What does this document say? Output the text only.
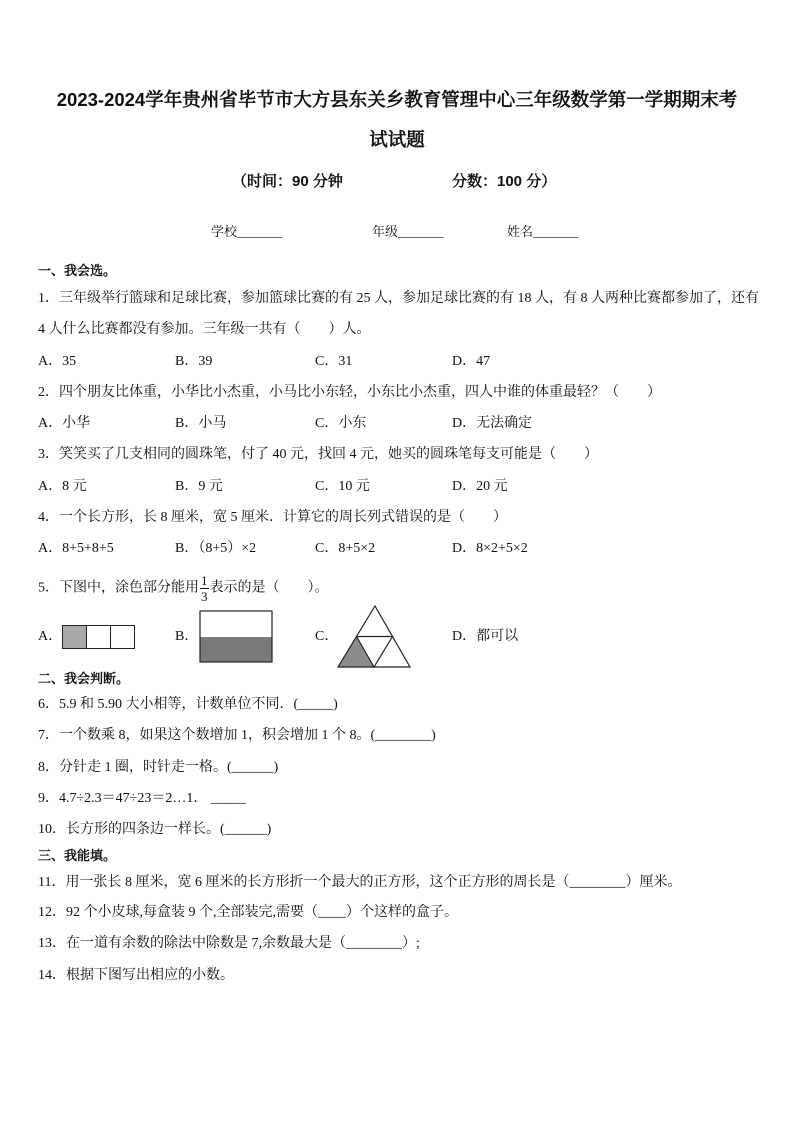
2023-2024学年贵州省毕节市大方县东关乡教育管理中心三年级数学第一学期期末考
试试题
（时间：90 分钟	分数：100 分）
学校_______	年级_______	姓名_______
一、我会选。
1．三年级举行篮球和足球比赛，参加篮球比赛的有 25 人，参加足球比赛的有 18 人，有 8 人两种比赛都参加了，还有
4 人什么比赛都没有参加。三年级一共有（　　）人。
A．35	B．39	C．31	D．47
2．四个朋友比体重，小华比小杰重，小马比小东轻，小东比小杰重，四人中谁的体重最轻？（　　）
A．小华	B．小马	C．小东	D．无法确定
3．笑笑买了几支相同的圆珠笔，付了 40 元，找回 4 元，她买的圆珠笔每支可能是（　　）
A．8 元	B．9 元	C．10 元	D．20 元
4．一个长方形，长 8 厘米，宽 5 厘米．计算它的周长列式错误的是（　　）
A．8+5+8+5	B．（8+5）×2	C．8+5×2	D．8×2+5×2
5．下图中，涂色部分能用 $\frac{1}{3}$ 表示的是（　　）。
A．	B．	C．	D．都可以
二、我会判断。
6．5.9 和 5.90 大小相等，计数单位不同．(_____)
7．一个数乘 8，如果这个数增加 1，积会增加 1 个 8。(________)
8．分针走 1 圈，时针走一格。(______)
9．4.7÷2.3＝47÷23＝2…1． _____
10．长方形的四条边一样长。(______)
三、我能填。
11．用一张长 8 厘米，宽 6 厘米的长方形折一个最大的正方形，这个正方形的周长是（________）厘米。
12．92 个小皮球,每盒装 9 个,全部装完,需要（____）个这样的盒子。
13．在一道有余数的除法中除数是 7,余数最大是（________）;
14．根据下图写出相应的小数。
